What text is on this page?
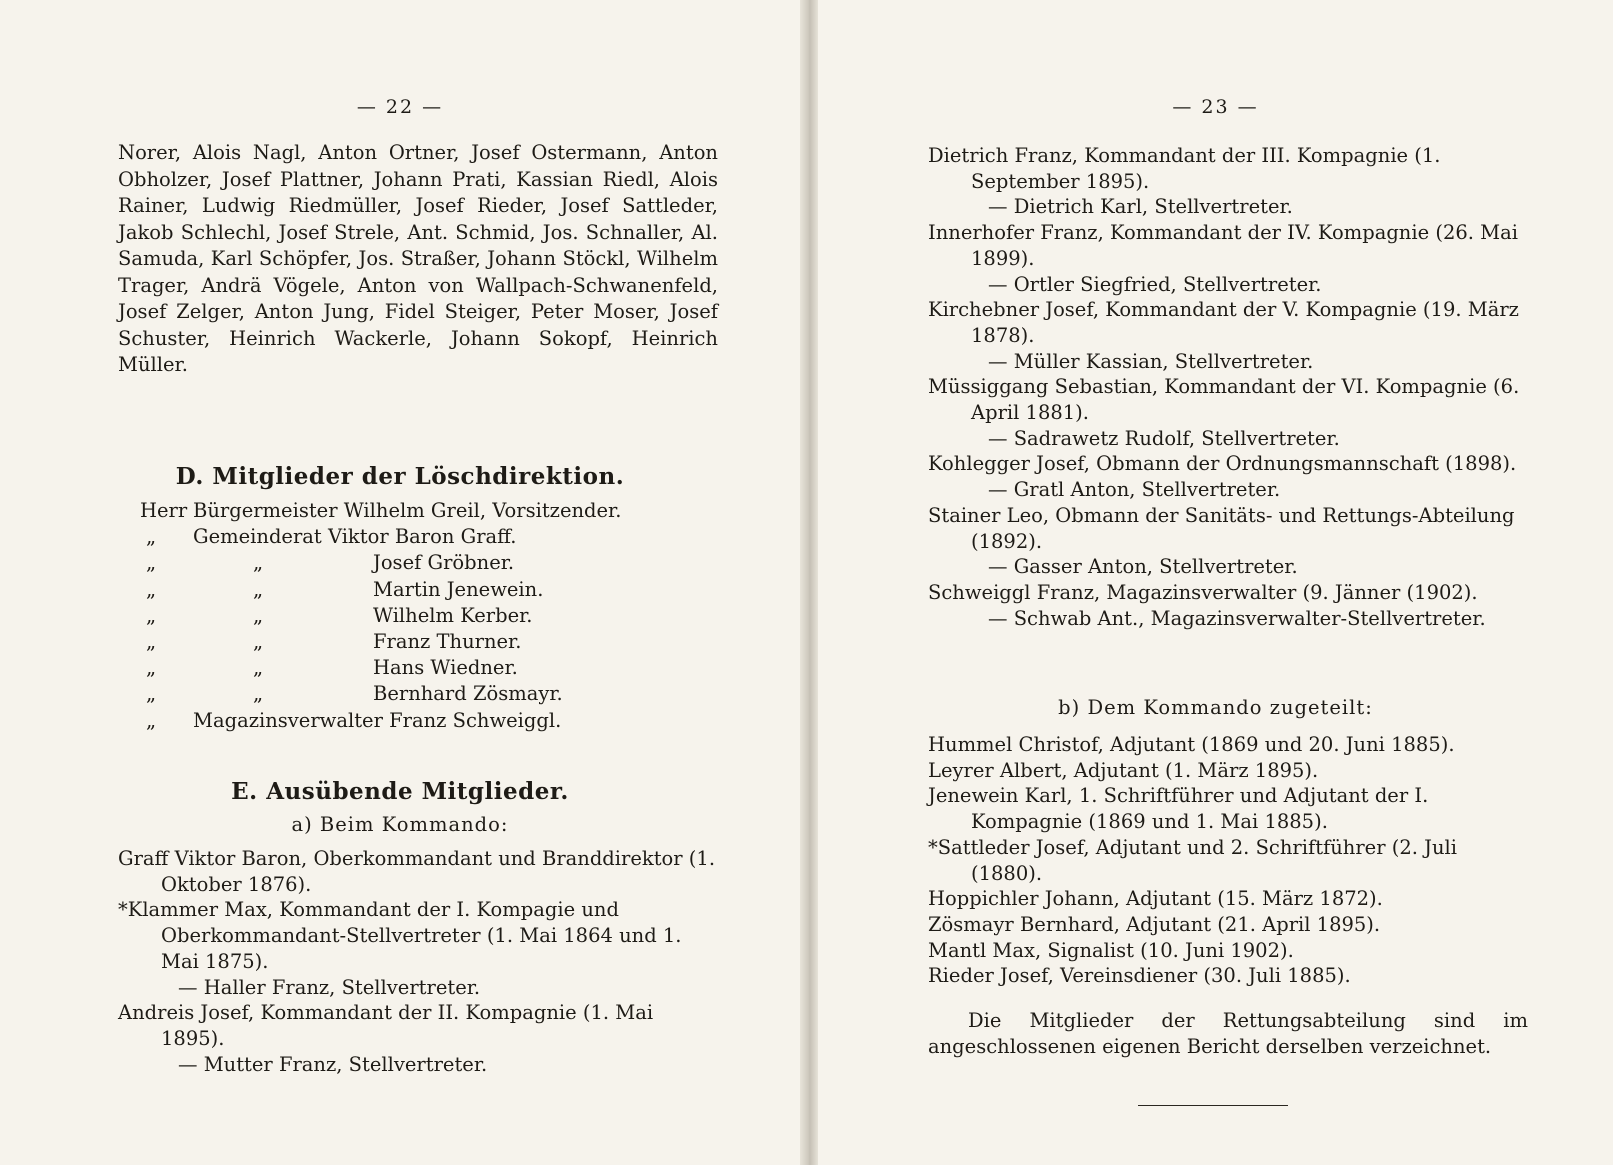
— 22 —
Norer, Alois Nagl, Anton Ortner, Josef Ostermann, Anton Obholzer, Josef Plattner, Johann Prati, Kassian Riedl, Alois Rainer, Ludwig Riedmüller, Josef Rieder, Josef Sattleder, Jakob Schlechl, Josef Strele, Ant. Schmid, Jos. Schnaller, Al. Samuda, Karl Schöpfer, Jos. Straßer, Johann Stöckl, Wilhelm Trager, Andrä Vögele, Anton von Wallpach-Schwanenfeld, Josef Zelger, Anton Jung, Fidel Steiger, Peter Moser, Josef Schuster, Heinrich Wackerle, Johann Sokopf, Heinrich Müller.
D. Mitglieder der Löschdirektion.
Herr Bürgermeister Wilhelm Greil, Vorsitzender.
„	Gemeinderat Viktor Baron Graff.
„	„	Josef Gröbner.
„	„	Martin Jenewein.
„	„	Wilhelm Kerber.
„	„	Franz Thurner.
„	„	Hans Wiedner.
„	„	Bernhard Zösmayr.
„	Magazinsverwalter Franz Schweiggl.
E. Ausübende Mitglieder.
a) Beim Kommando:
Graff Viktor Baron, Oberkommandant und Branddirektor (1. Oktober 1876).
*Klammer Max, Kommandant der I. Kompagie und Oberkommandant-Stellvertreter (1. Mai 1864 und 1. Mai 1875).
— Haller Franz, Stellvertreter.
Andreis Josef, Kommandant der II. Kompagnie (1. Mai 1895).
— Mutter Franz, Stellvertreter.
— 23 —
Dietrich Franz, Kommandant der III. Kompagnie (1. September 1895).
— Dietrich Karl, Stellvertreter.
Innerhofer Franz, Kommandant der IV. Kompagnie (26. Mai 1899).
— Ortler Siegfried, Stellvertreter.
Kirchebner Josef, Kommandant der V. Kompagnie (19. März 1878).
— Müller Kassian, Stellvertreter.
Müssiggang Sebastian, Kommandant der VI. Kompagnie (6. April 1881).
— Sadrawetz Rudolf, Stellvertreter.
Kohlegger Josef, Obmann der Ordnungsmannschaft (1898).
— Gratl Anton, Stellvertreter.
Stainer Leo, Obmann der Sanitäts- und Rettungs-Abteilung (1892).
— Gasser Anton, Stellvertreter.
Schweiggl Franz, Magazinsverwalter (9. Jänner (1902).
— Schwab Ant., Magazinsverwalter-Stellvertreter.
b) Dem Kommando zugeteilt:
Hummel Christof, Adjutant (1869 und 20. Juni 1885).
Leyrer Albert, Adjutant (1. März 1895).
Jenewein Karl, 1. Schriftführer und Adjutant der I. Kompagnie (1869 und 1. Mai 1885).
*Sattleder Josef, Adjutant und 2. Schriftführer (2. Juli (1880).
Hoppichler Johann, Adjutant (15. März 1872).
Zösmayr Bernhard, Adjutant (21. April 1895).
Mantl Max, Signalist (10. Juni 1902).
Rieder Josef, Vereinsdiener (30. Juli 1885).
Die Mitglieder der Rettungsabteilung sind im angeschlossenen eigenen Bericht derselben verzeichnet.
